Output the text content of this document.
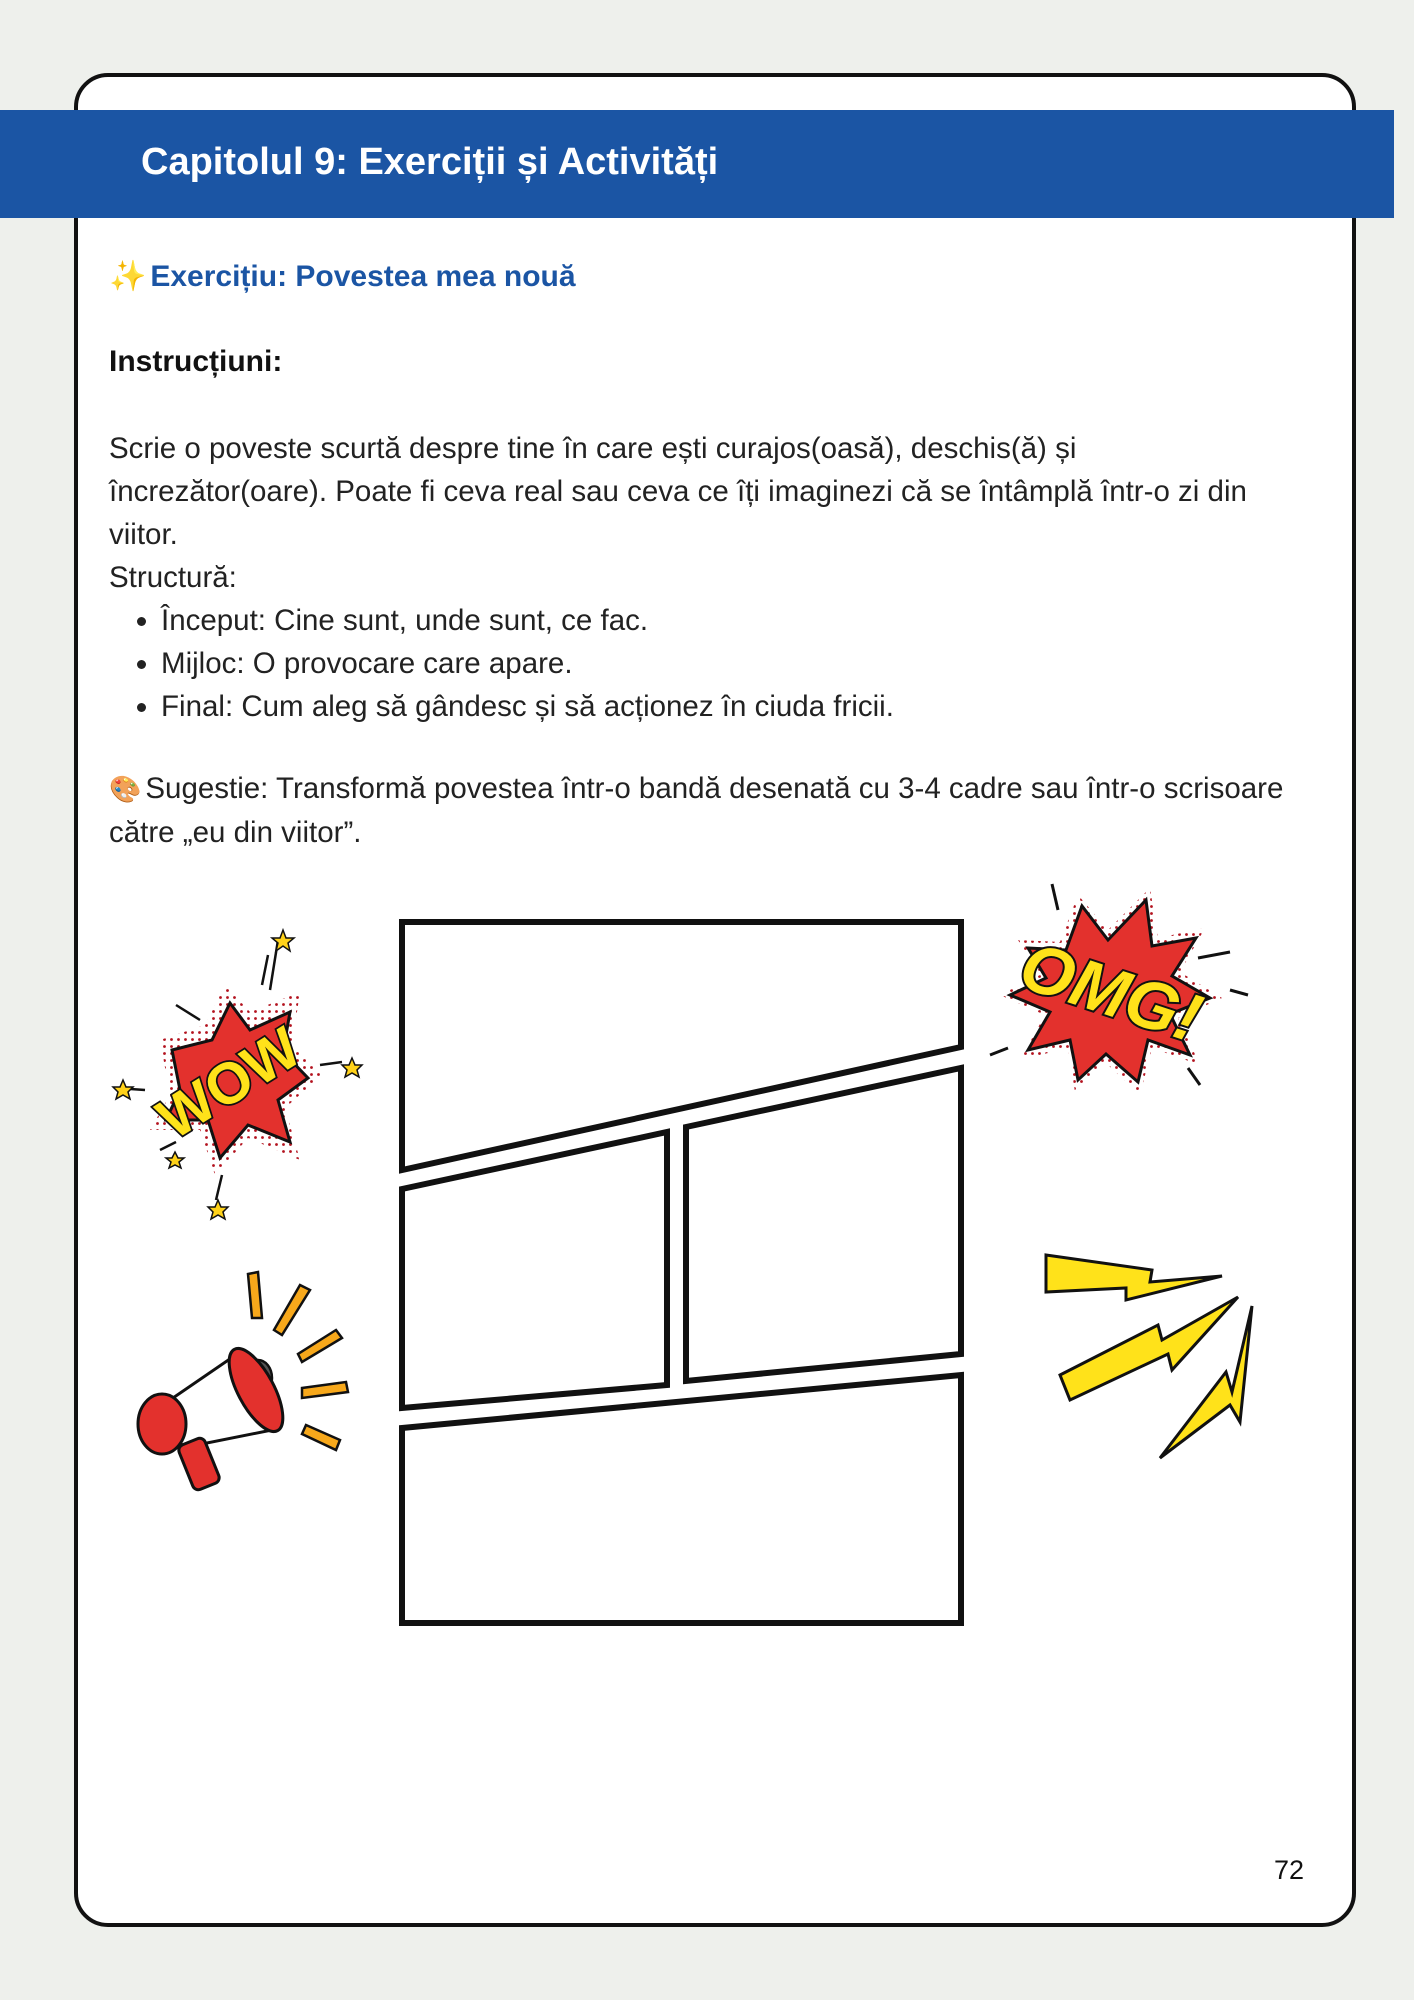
Capitolul 9: Exerciții și Activități
✨ Exercițiu: Povestea mea nouă
Instrucțiuni:

Scrie o poveste scurtă despre tine în care ești curajos(oasă), deschis(ă) și încrezător(oare). Poate fi ceva real sau ceva ce îți imaginezi că se întâmplă într-o zi din viitor.

Structură:

• Început: Cine sunt, unde sunt, ce fac.
• Mijloc: O provocare care apare.
• Final: Cum aleg să gândesc și să acționez în ciuda fricii.

🎨 Sugestie: Transformă povestea într-o bandă desenată cu 3-4 cadre sau într-o scrisoare către „eu din viitor”.

WOW
OMG!
72
